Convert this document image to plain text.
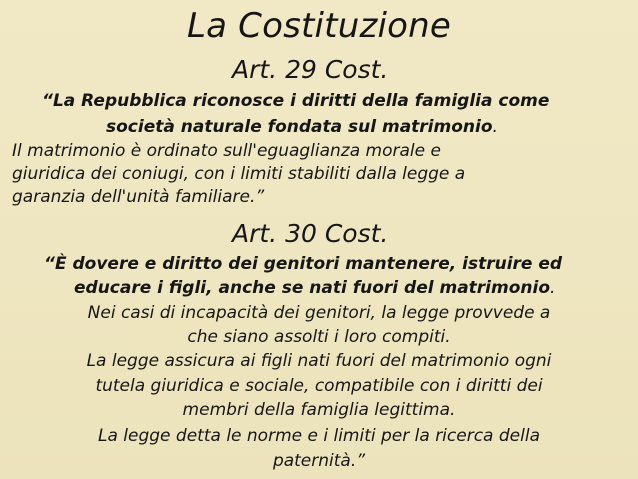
La Costituzione
Art. 29 Cost.
“La Repubblica riconosce i diritti della famiglia come
società naturale fondata sul matrimonio.
Il matrimonio è ordinato sull'eguaglianza morale e
giuridica dei coniugi, con i limiti stabiliti dalla legge a
garanzia dell'unità familiare.”
Art. 30 Cost.
“È dovere e diritto dei genitori mantenere, istruire ed
educare i figli, anche se nati fuori del matrimonio.
Nei casi di incapacità dei genitori, la legge provvede a
che siano assolti i loro compiti.
La legge assicura ai figli nati fuori del matrimonio ogni
tutela giuridica e sociale, compatibile con i diritti dei
membri della famiglia legittima.
La legge detta le norme e i limiti per la ricerca della
paternità.”
